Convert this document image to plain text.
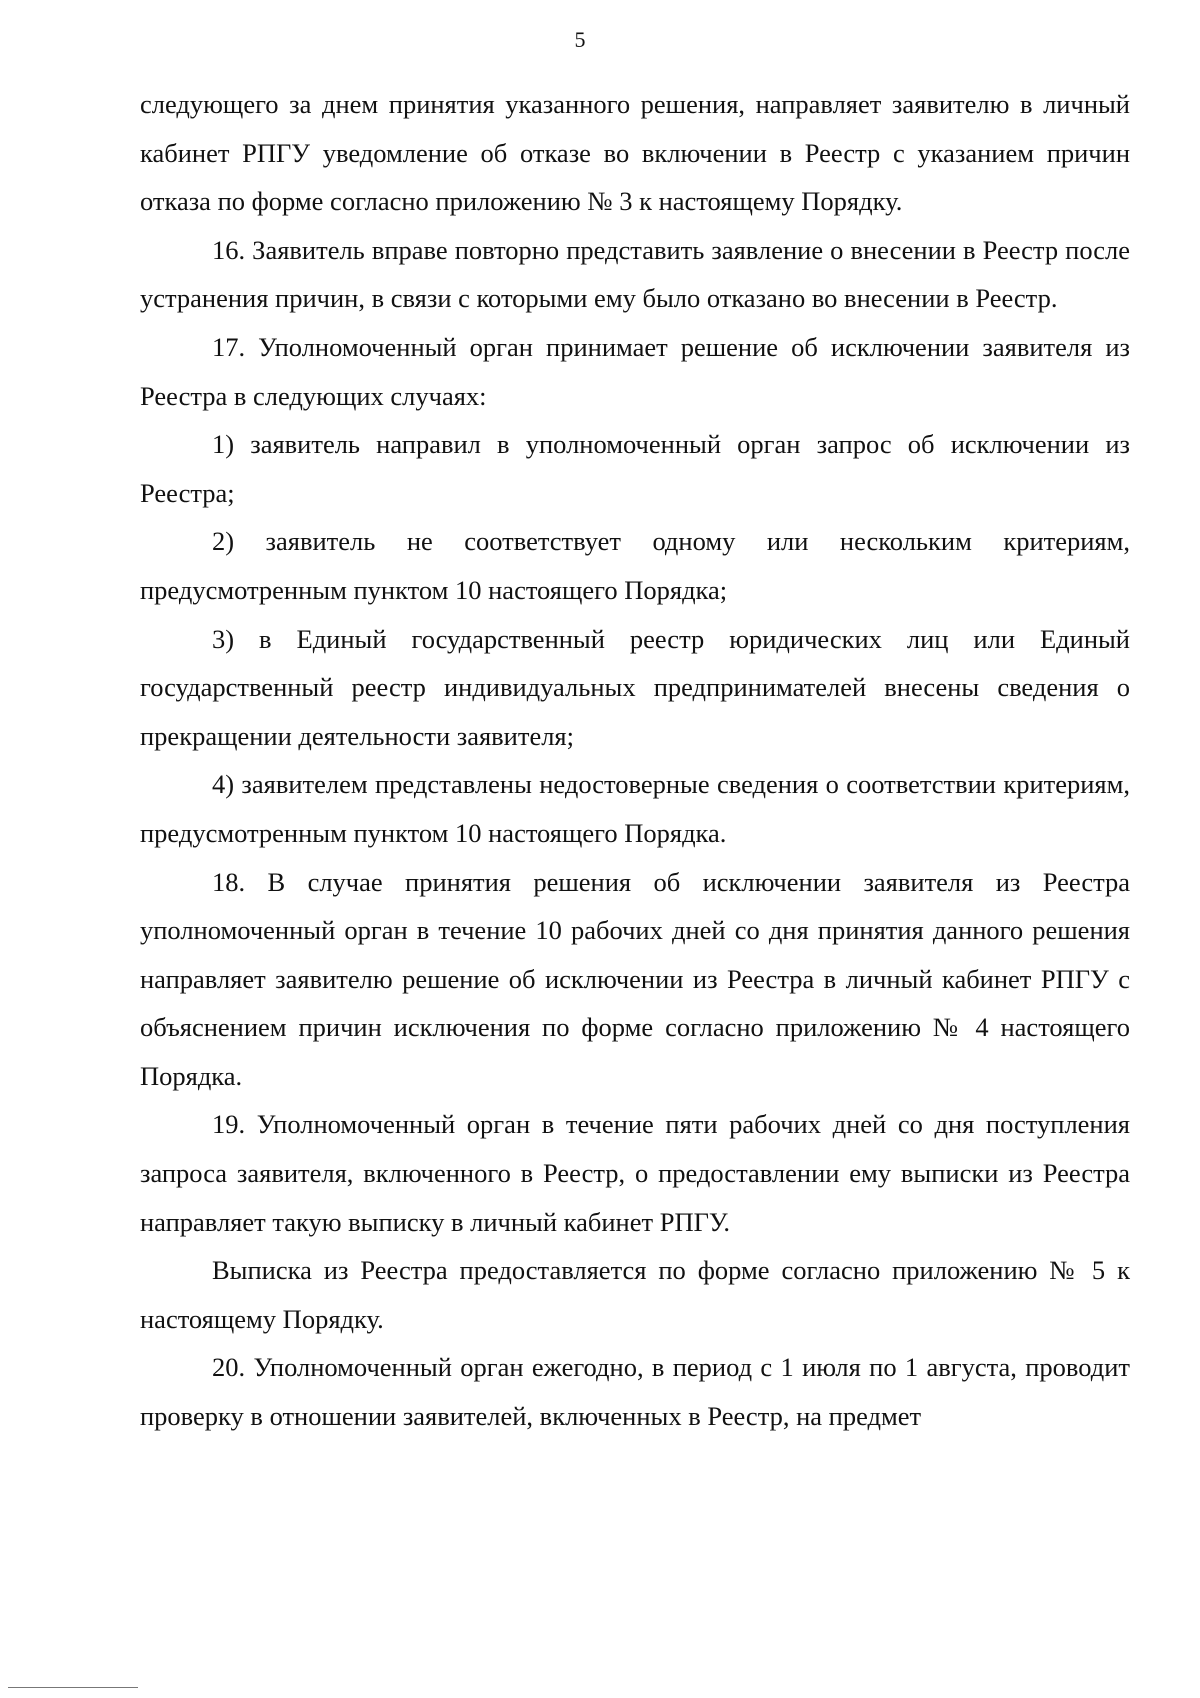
5

следующего за днем принятия указанного решения, направляет заявителю в личный кабинет РПГУ уведомление об отказе во включении в Реестр с указанием причин отказа по форме согласно приложению № 3 к настоящему Порядку.

16. Заявитель вправе повторно представить заявление о внесении в Реестр после устранения причин, в связи с которыми ему было отказано во внесении в Реестр.

17. Уполномоченный орган принимает решение об исключении заявителя из Реестра в следующих случаях:

1) заявитель направил в уполномоченный орган запрос об исключении из Реестра;

2) заявитель не соответствует одному или нескольким критериям, предусмотренным пунктом 10 настоящего Порядка;

3) в Единый государственный реестр юридических лиц или Единый государственный реестр индивидуальных предпринимателей внесены сведения о прекращении деятельности заявителя;

4) заявителем представлены недостоверные сведения о соответствии критериям, предусмотренным пунктом 10 настоящего Порядка.

18. В случае принятия решения об исключении заявителя из Реестра уполномоченный орган в течение 10 рабочих дней со дня принятия данного решения направляет заявителю решение об исключении из Реестра в личный кабинет РПГУ с объяснением причин исключения по форме согласно приложению № 4 настоящего Порядка.

19. Уполномоченный орган в течение пяти рабочих дней со дня поступления запроса заявителя, включенного в Реестр, о предоставлении ему выписки из Реестра направляет такую выписку в личный кабинет РПГУ.

Выписка из Реестра предоставляется по форме согласно приложению № 5 к настоящему Порядку.

20. Уполномоченный орган ежегодно, в период с 1 июля по 1 августа, проводит проверку в отношении заявителей, включенных в Реестр, на предмет
